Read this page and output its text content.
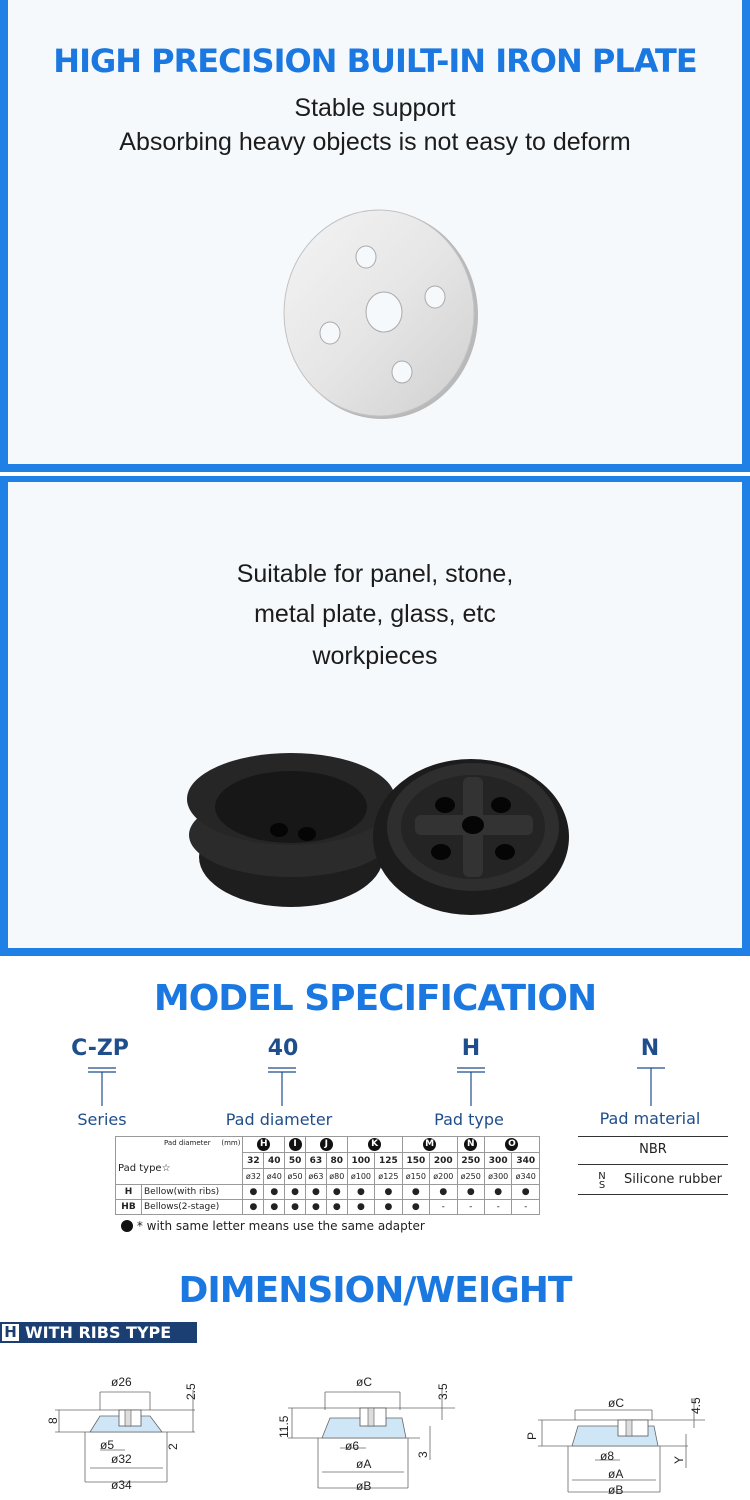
HIGH PRECISION BUILT-IN IRON PLATE
Stable support
Absorbing heavy objects is not easy to deform
Suitable for panel, stone,
metal plate, glass, etc
workpieces
MODEL SPECIFICATION
C-ZP	40	H	N
Series	Pad diameter	Pad type	Pad material
NBR
N S Silicone rubber
Pad diameter (mm)
Pad type☆		H		I	J		K		M		N	O	
		32	40	50	63	80	100	125	150	200	250	300	340
		ø32	ø40	ø50	ø63	ø80	ø100	ø125	ø150	ø200	ø250	ø300	ø340
H	Bellow(with ribs)	●	●	●	●	●	●	●	●	●	●	●	●
HB	Bellows(2-stage)	●	●	●	●	●	●	●	●	-	-	-	-
* with same letter means use the same adapter
DIMENSION/WEIGHT
H WITH RIBS TYPE
ø26
ø5
ø32
ø34
8
2.5
2
øC
ø6
øA
øB
11.5
3.5
3
øC
ø8
øA
øB
P
4.5
Y
